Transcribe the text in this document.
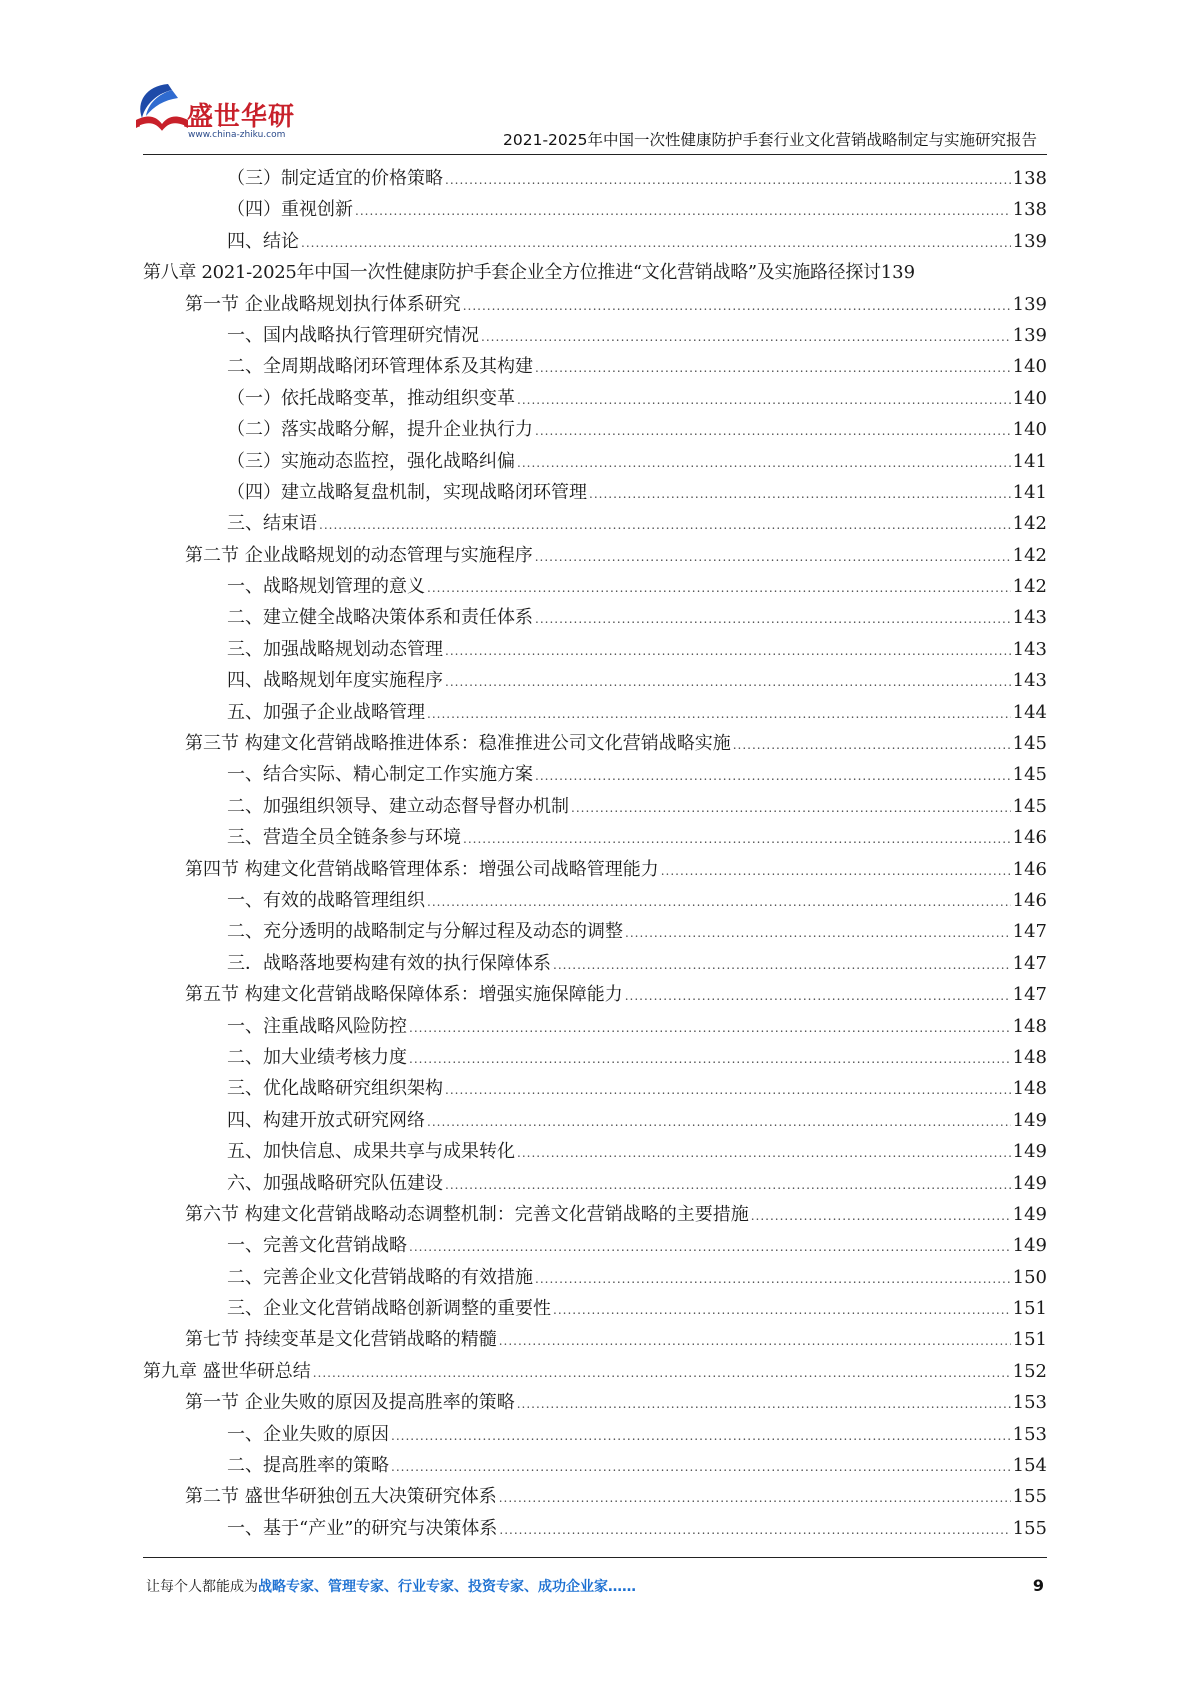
盛世华研
www.china-zhiku.com	2021-2025年中国一次性健康防护手套行业文化营销战略制定与实施研究报告
（三）制定适宜的价格策略 .....	138
（四）重视创新 .....	138
四、结论 .....	139
第八章 2021-2025年中国一次性健康防护手套企业全方位推进“文化营销战略”及实施路径探讨 139
第一节 企业战略规划执行体系研究 .....	139
一、国内战略执行管理研究情况 .....	139
二、全周期战略闭环管理体系及其构建 .....	140
（一）依托战略变革，推动组织变革 .....	140
（二）落实战略分解，提升企业执行力 .....	140
（三）实施动态监控，强化战略纠偏 .....	141
（四）建立战略复盘机制，实现战略闭环管理 .....	141
三、结束语 .....	142
第二节 企业战略规划的动态管理与实施程序 .....	142
一、战略规划管理的意义 .....	142
二、建立健全战略决策体系和责任体系 .....	143
三、加强战略规划动态管理 .....	143
四、战略规划年度实施程序 .....	143
五、加强子企业战略管理 .....	144
第三节 构建文化营销战略推进体系：稳准推进公司文化营销战略实施 .....	145
一、结合实际、精心制定工作实施方案 .....	145
二、加强组织领导、建立动态督导督办机制 .....	145
三、营造全员全链条参与环境 .....	146
第四节 构建文化营销战略管理体系：增强公司战略管理能力 .....	146
一、有效的战略管理组织 .....	146
二、充分透明的战略制定与分解过程及动态的调整 .....	147
三．战略落地要构建有效的执行保障体系 .....	147
第五节 构建文化营销战略保障体系：增强实施保障能力 .....	147
一、注重战略风险防控 .....	148
二、加大业绩考核力度 .....	148
三、优化战略研究组织架构 .....	148
四、构建开放式研究网络 .....	149
五、加快信息、成果共享与成果转化 .....	149
六、加强战略研究队伍建设 .....	149
第六节 构建文化营销战略动态调整机制：完善文化营销战略的主要措施 .....	149
一、完善文化营销战略 .....	149
二、完善企业文化营销战略的有效措施 .....	150
三、企业文化营销战略创新调整的重要性 .....	151
第七节 持续变革是文化营销战略的精髓 .....	151
第九章 盛世华研总结 .....	152
第一节 企业失败的原因及提高胜率的策略 .....	153
一、企业失败的原因 .....	153
二、提高胜率的策略 .....	154
第二节 盛世华研独创五大决策研究体系 .....	155
一、基于“产业”的研究与决策体系 .....	155
让每个人都能成为战略专家、管理专家、行业专家、投资专家、成功企业家……	9
